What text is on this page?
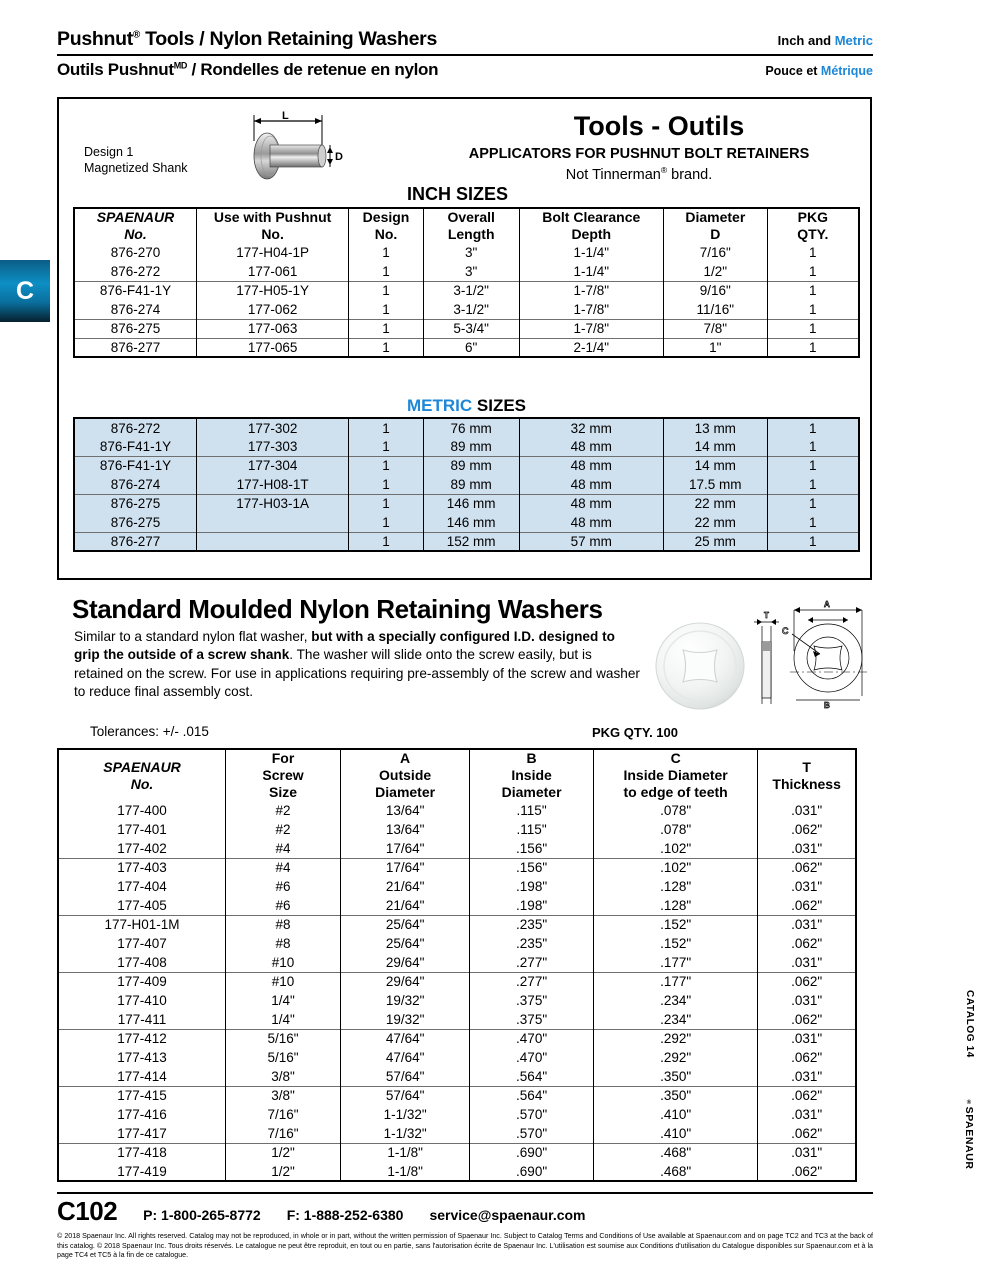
Pushnut® Tools / Nylon Retaining Washers	Inch and Metric
Outils Pushnut$^{MD}$ / Rondelles de retenue en nylon	Pouce et Métrique
C
Design 1
Magnetized Shank
L
D
Tools - Outils
APPLICATORS FOR PUSHNUT BOLT RETAINERS
Not Tinnerman® brand.
INCH SIZES
SPAENAUR
No.

Use with Pushnut
No.

Design
No.

Overall
Length

Bolt Clearance
Depth

Diameter
D

PKG
QTY.

876-270	177-H04-1P	1	3"	1-1/4"	7/16"	1
876-272	177-061	1	3"	1-1/4"	1/2"	1
876-F41-1Y	177-H05-1Y	1	3-1/2"	1-7/8"	9/16"	1
876-274	177-062	1	3-1/2"	1-7/8"	11/16"	1
876-275	177-063	1	5-3/4"	1-7/8"	7/8"	1
876-277	177-065	1	6"	2-1/4"	1"	1
METRIC SIZES
876-272	177-302	1	76 mm	32 mm	13 mm	1
876-F41-1Y	177-303	1	89 mm	48 mm	14 mm	1
876-F41-1Y	177-304	1	89 mm	48 mm	14 mm	1
876-274	177-H08-1T	1	89 mm	48 mm	17.5 mm	1
876-275	177-H03-1A	1	146 mm	48 mm	22 mm	1
876-275		1	146 mm	48 mm	22 mm	1
876-277		1	152 mm	57 mm	25 mm	1
Standard Moulded Nylon Retaining Washers
Similar to a standard nylon flat washer, but with a specially configured I.D. designed to grip the outside of a screw shank. The washer will slide onto the screw easily, but is retained on the screw. For use in applications requiring pre-assembly of the screw and washer to reduce final assembly cost.
Tolerances: +/- .015	PKG QTY. 100
T
A
B
C
SPAENAUR
No.

For
Screw
Size

A
Outside
Diameter

B
Inside
Diameter

C
Inside Diameter
to edge of teeth

T
Thickness

177-400	#2	13/64"	.115"	.078"	.031"
177-401	#2	13/64"	.115"	.078"	.062"
177-402	#4	17/64"	.156"	.102"	.031"
177-403	#4	17/64"	.156"	.102"	.062"
177-404	#6	21/64"	.198"	.128"	.031"
177-405	#6	21/64"	.198"	.128"	.062"
177-H01-1M	#8	25/64"	.235"	.152"	.031"
177-407	#8	25/64"	.235"	.152"	.062"
177-408	#10	29/64"	.277"	.177"	.031"
177-409	#10	29/64"	.277"	.177"	.062"
177-410	1/4"	19/32"	.375"	.234"	.031"
177-411	1/4"	19/32"	.375"	.234"	.062"
177-412	5/16"	47/64"	.470"	.292"	.031"
177-413	5/16"	47/64"	.470"	.292"	.062"
177-414	3/8"	57/64"	.564"	.350"	.031"
177-415	3/8"	57/64"	.564"	.350"	.062"
177-416	7/16"	1-1/32"	.570"	.410"	.031"
177-417	7/16"	1-1/32"	.570"	.410"	.062"
177-418	1/2"	1-1/8"	.690"	.468"	.031"
177-419	1/2"	1-1/8"	.690"	.468"	.062"
CATALOG 14
®SPAENAUR
C102 P: 1-800-265-8772 F: 1-888-252-6380 service@spaenaur.com
© 2018 Spaenaur Inc. All rights reserved. Catalog may not be reproduced, in whole or in part, without the written permission of Spaenaur Inc. Subject to Catalog Terms and Conditions of Use available at Spaenaur.com and on page TC2 and TC3 at the back of this catalog. © 2018 Spaenaur Inc. Tous droits réservés. Le catalogue ne peut être reproduit, en tout ou en partie, sans l'autorisation écrite de Spaenaur Inc. L'utilisation est soumise aux Conditions d'utilisation du Catalogue disponibles sur Spaenaur.com et à la page TC4 et TC5 à la fin de ce catalogue.
